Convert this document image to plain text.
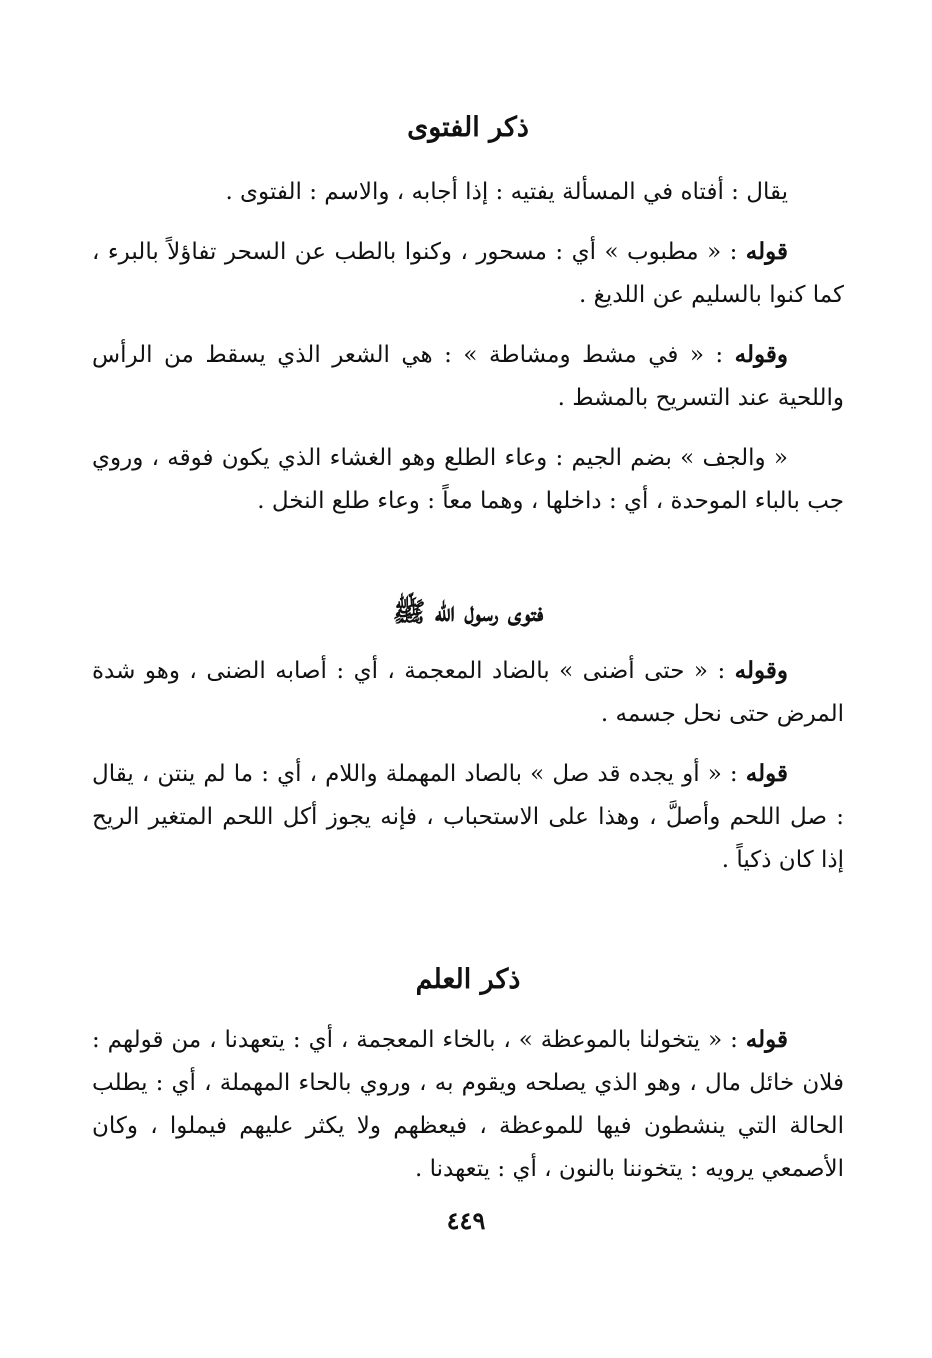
ذكر الفتوى

يقال : أفتاه في المسألة يفتيه : إذا أجابه ، والاسم : الفتوى .

قوله : « مطبوب » أي : مسحور ، وكنوا بالطب عن السحر تفاؤلاً بالبرء ، كما كنوا بالسليم عن اللديغ .

وقوله : « في مشط ومشاطة » : هي الشعر الذي يسقط من الرأس واللحية عند التسريح بالمشط .

« والجف » بضم الجيم : وعاء الطلع وهو الغشاء الذي يكون فوقه ، وروي جب بالباء الموحدة ، أي : داخلها ، وهما معاً : وعاء طلع النخل .

فتوى رسول الله ﷺ

وقوله : « حتى أضنى » بالضاد المعجمة ، أي : أصابه الضنى ، وهو شدة المرض حتى نحل جسمه .

قوله : « أو يجده قد صل » بالصاد المهملة واللام ، أي : ما لم ينتن ، يقال : صل اللحم وأصلَّ ، وهذا على الاستحباب ، فإنه يجوز أكل اللحم المتغير الريح إذا كان ذكياً .

ذكر العلم

قوله : « يتخولنا بالموعظة » ، بالخاء المعجمة ، أي : يتعهدنا ، من قولهم : فلان خائل مال ، وهو الذي يصلحه ويقوم به ، وروي بالحاء المهملة ، أي : يطلب الحالة التي ينشطون فيها للموعظة ، فيعظهم ولا يكثر عليهم فيملوا ، وكان الأصمعي يرويه : يتخوننا بالنون ، أي : يتعهدنا .

٤٤٩
